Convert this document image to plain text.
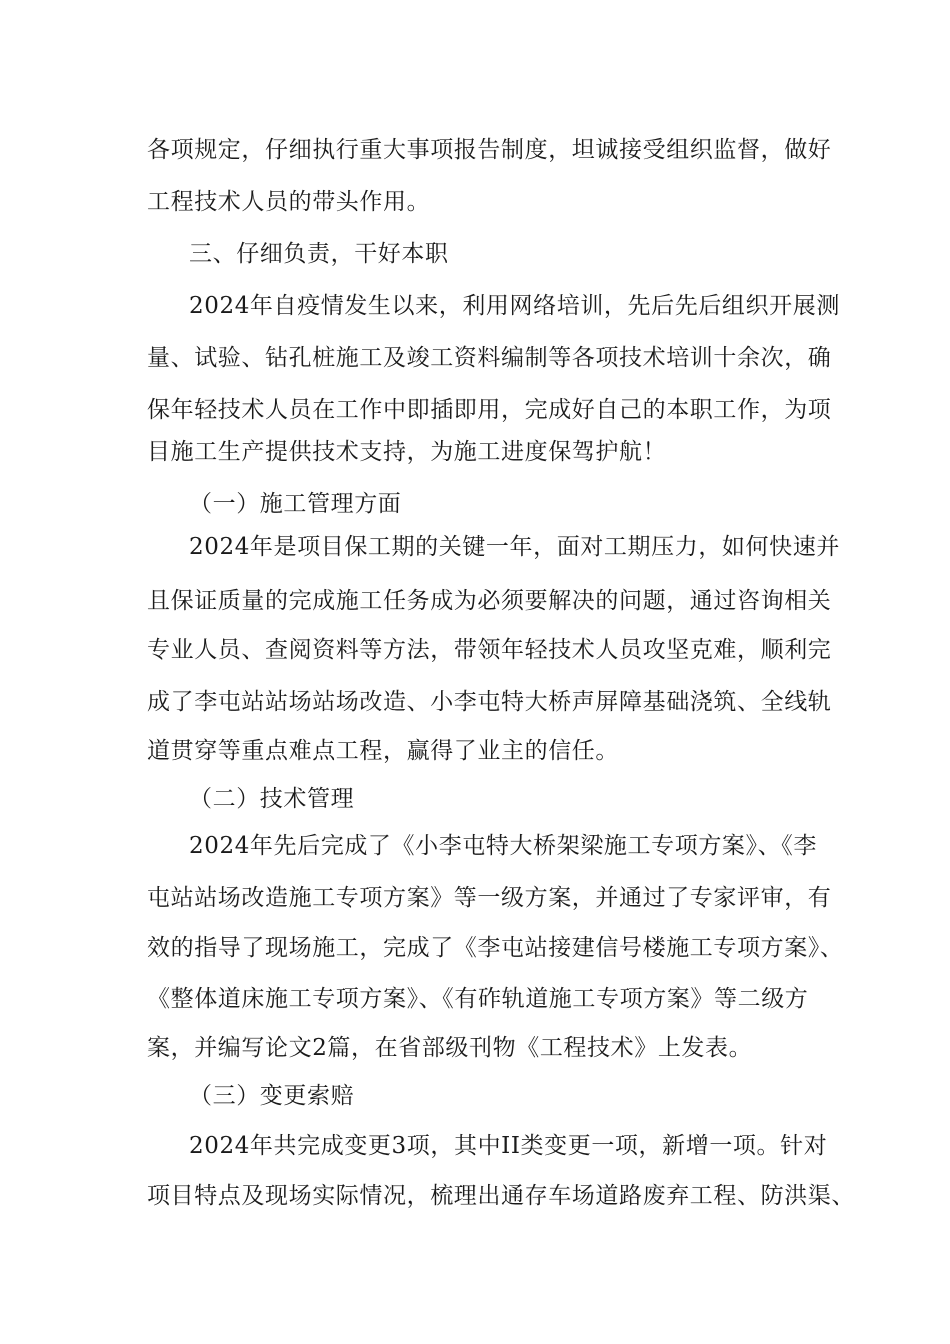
各项规定，仔细执行重大事项报告制度，坦诚接受组织监督，做好
工程技术人员的带头作用。
三、仔细负责，干好本职
2024年自疫情发生以来，利用网络培训，先后先后组织开展测
量、试验、钻孔桩施工及竣工资料编制等各项技术培训十余次，确
保年轻技术人员在工作中即插即用，完成好自己的本职工作，为项
目施工生产提供技术支持，为施工进度保驾护航！
（一）施工管理方面
2024年是项目保工期的关键一年，面对工期压力，如何快速并
且保证质量的完成施工任务成为必须要解决的问题，通过咨询相关
专业人员、查阅资料等方法，带领年轻技术人员攻坚克难，顺利完
成了李屯站站场站场改造、小李屯特大桥声屏障基础浇筑、全线轨
道贯穿等重点难点工程，赢得了业主的信任。
（二）技术管理
2024年先后完成了《小李屯特大桥架梁施工专项方案》、《李
屯站站场改造施工专项方案》等一级方案，并通过了专家评审，有
效的指导了现场施工，完成了《李屯站接建信号楼施工专项方案》、
《整体道床施工专项方案》、《有砟轨道施工专项方案》等二级方
案，并编写论文2篇，在省部级刊物《工程技术》上发表。
（三）变更索赔
2024年共完成变更3项，其中II类变更一项，新增一项。针对
项目特点及现场实际情况，梳理出通存车场道路废弃工程、防洪渠、
